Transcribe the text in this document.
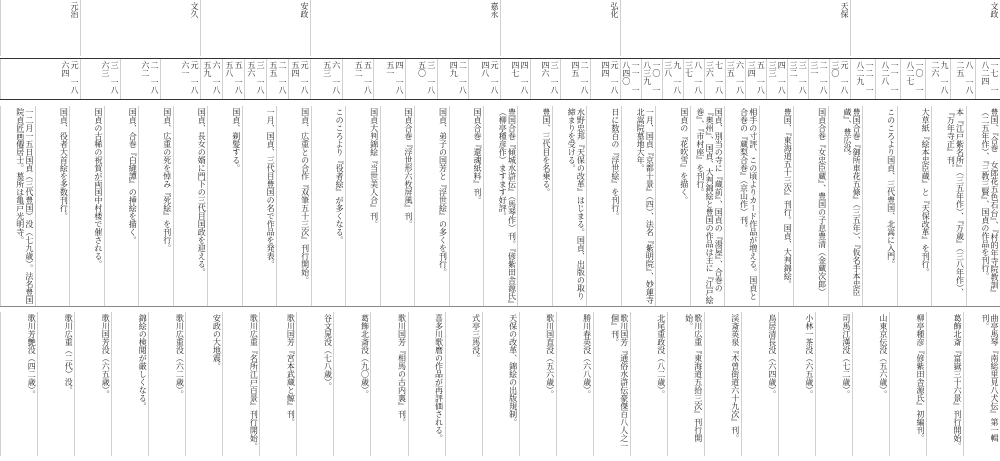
文政
天保
弘化
嘉永
安政
文久
元治
一七 一八二四
八 一八二五
九 一八二六
一〇 一八二七
一一 一八二八
一二 一八二九
元 一八三〇
二 一八三一
三 一八三二
四 一八三三
五 一八三四
六 一八三五
七 一八三六
八 一八三七
九 一八三八
一〇 一八三九
一一 一八四〇
元 一八四四
二 一八四五
三 一八四六
四 一八四七
元 一八四八
二 一八四九
三 一八五〇
四 一八五一
五 一八五二
六 一八五三
元 一八五四
二 一八五五
三 一八五六
五 一八五八
六 一八五九
元 一八六一
二 一八六二
三 一八六三
元 一八六四
豊国、『合巻 女郎花五色石台』、『村的年寺院教訓』（二五年作）、『三教三賢』、国貞の作品を刊行。
本『江戸紫名所』（三五年作）、『万歳』（三八年作）、『万年寺正』刊。
大草紙『絵本忠臣蔵』と『天保改革』を刊行。
このころより国貞、三代豊国、北嵩に入門。
豊国合巻『御所車花五條』（三五年）、『仮名手本忠臣蔵』、豊広没。
国貞合巻『女忠臣蔵』、豊国の子息豊清（金蔵次郎）
豊国、『東海道五十三次』刊行。国貞、大判錦絵。
相手の寸評、この頃よりカード作品が増える。国貞と合巻の『蔵梨合巻』（京山作）刊。
国貞、別当の寺に『蔵前』、国貞の『湯屋』、合巻の『奥州』、国貞、大判錦絵と豊国の作品は主に『江戸絵巻』、『市村座』を刊行。
国貞の『花吹雪』を描く。
一月、国貞『京都十景』（四）、法名『紫明院』、妙蓮寺北嵩院墓地大年。
日に数百の『浮世絵』を刊行。
水野忠邦『天保の改革』はじまる。国貞、出版の取り締まりを受ける。
豊国、三代目を名乗る。
豊国合巻『傾城水滸伝』（馬琴作）刊。『偐紫田舎源氏』（柳亭種彦作）ますます好評。
国貞合巻『還魂紙料』刊。
国貞、弟子の国芳と『浮世絵』の多くを刊行。
国貞合巻『浮世形六枚屏風』刊。
国貞大判錦絵『当世美人合』刊。
このころより『役者絵』が多くなる。
国貞、広重との合作『双筆五十三次』刊行開始。
一月、国貞、三代目豊国の名で作品を発表。
国貞、剃髪する。
国貞、長女の婿に門下の三代目国政を迎える。
国貞、広重の死を悼み『死絵』を刊行。
国貞、合巻『白縫譚』の挿絵を描く。
国貞の古稀の祝賀が両国中村楼で催される。
国貞、役者大首絵を多数刊行。
一二月一五日国貞（三代豊国）没（七九歳）。法名豊国院貞匠画僊居士。墓所は亀戸光明寺。
曲亭馬琴『南総里見八犬伝』第一輯刊。
葛飾北斎『富嶽三十六景』刊行開始。
柳亭種彦『偐紫田舎源氏』初編刊。
山東京伝没（五六歳）。
司馬江漢没（七二歳）。
小林一茶没（六五歳）。
鳥居清長没（六四歳）。
渓斎英泉『木曽街道六十九次』刊。
歌川広重『東海道五拾三次』刊行開始。
北尾重政没（八二歳）。
歌川国芳『通俗水滸伝豪傑百八人之一個』刊。
勝川春英没（六八歳）。
歌川国直没（五六歳）。
天保の改革、錦絵の出版規制。
式亭三馬没。
喜多川歌麿の作品が再評価される。
歌川国芳『相馬の古内裏』刊。
葛飾北斎没（九〇歳）。
谷文晁没（七八歳）。
歌川国芳『宮本武蔵と鯨』刊。
歌川広重『名所江戸百景』刊行開始。
安政の大地震。
歌川広重没（六二歳）。
錦絵の検閲が厳しくなる。
歌川国芳没（六五歳）。
歌川広重（二代）没。
歌川芳艶没（四二歳）。
